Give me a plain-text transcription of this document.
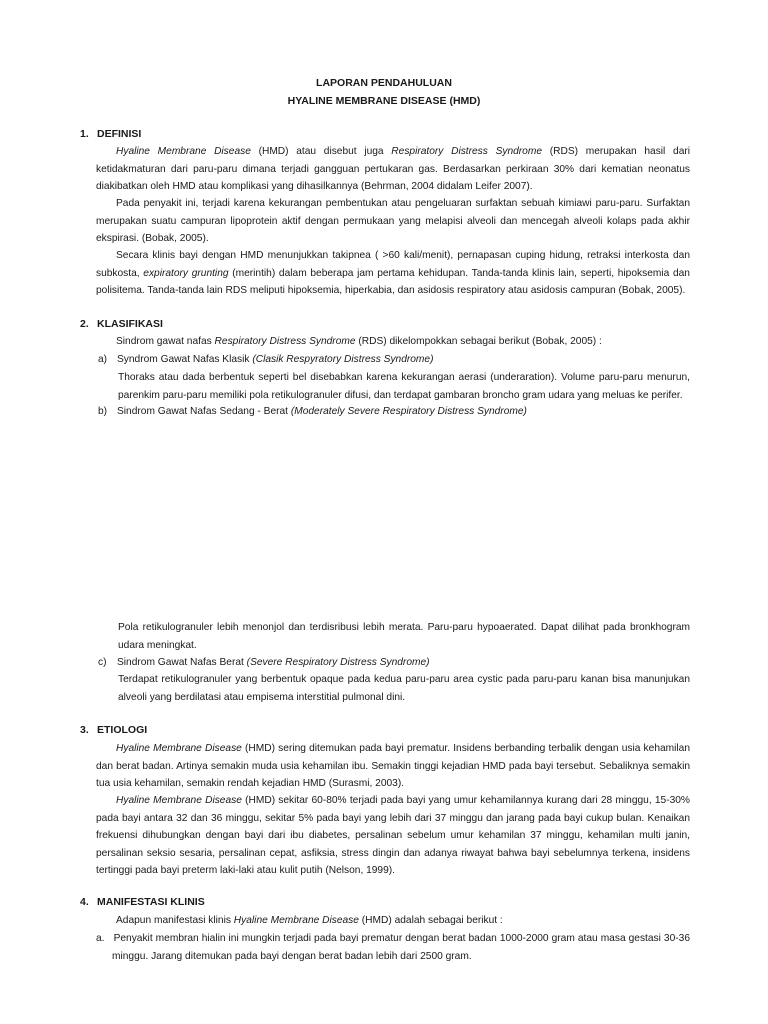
LAPORAN PENDAHULUAN
HYALINE MEMBRANE DISEASE (HMD)
1. DEFINISI
Hyaline Membrane Disease (HMD) atau disebut juga Respiratory Distress Syndrome (RDS) merupakan hasil dari ketidakmaturan dari paru-paru dimana terjadi gangguan pertukaran gas. Berdasarkan perkiraan 30% dari kematian neonatus diakibatkan oleh HMD atau komplikasi yang dihasilkannya (Behrman, 2004 didalam Leifer 2007).
Pada penyakit ini, terjadi karena kekurangan pembentukan atau pengeluaran surfaktan sebuah kimiawi paru-paru. Surfaktan merupakan suatu campuran lipoprotein aktif dengan permukaan yang melapisi alveoli dan mencegah alveoli kolaps pada akhir ekspirasi. (Bobak, 2005).
Secara klinis bayi dengan HMD menunjukkan takipnea ( >60 kali/menit), pernapasan cuping hidung, retraksi interkosta dan subkosta, expiratory grunting (merintih) dalam beberapa jam pertama kehidupan. Tanda-tanda klinis lain, seperti, hipoksemia dan polisitema. Tanda-tanda lain RDS meliputi hipoksemia, hiperkabia, dan asidosis respiratory atau asidosis campuran (Bobak, 2005).
2. KLASIFIKASI
Sindrom gawat nafas Respiratory Distress Syndrome (RDS) dikelompokkan sebagai berikut (Bobak, 2005) :
a) Syndrom Gawat Nafas Klasik (Clasik Respyratory Distress Syndrome)
Thoraks atau dada berbentuk seperti bel disebabkan karena kekurangan aerasi (underaration). Volume paru-paru menurun, parenkim paru-paru memiliki pola retikulogranuler difusi, dan terdapat gambaran broncho gram udara yang meluas ke perifer.
b) Sindrom Gawat Nafas Sedang - Berat (Moderately Severe Respiratory Distress Syndrome)
Pola retikulogranuler lebih menonjol dan terdisribusi lebih merata. Paru-paru hypoaerated. Dapat dilihat pada bronkhogram udara meningkat.
c) Sindrom Gawat Nafas Berat (Severe Respiratory Distress Syndrome)
Terdapat retikulogranuler yang berbentuk opaque pada kedua paru-paru area cystic pada paru-paru kanan bisa manunjukan alveoli yang berdilatasi atau empisema interstitial pulmonal dini.
3. ETIOLOGI
Hyaline Membrane Disease (HMD) sering ditemukan pada bayi prematur. Insidens berbanding terbalik dengan usia kehamilan dan berat badan. Artinya semakin muda usia kehamilan ibu. Semakin tinggi kejadian HMD pada bayi tersebut. Sebaliknya semakin tua usia kehamilan, semakin rendah kejadian HMD (Surasmi, 2003).
Hyaline Membrane Disease (HMD) sekitar 60-80% terjadi pada bayi yang umur kehamilannya kurang dari 28 minggu, 15-30% pada bayi antara 32 dan 36 minggu, sekitar 5% pada bayi yang lebih dari 37 minggu dan jarang pada bayi cukup bulan. Kenaikan frekuensi dihubungkan dengan bayi dari ibu diabetes, persalinan sebelum umur kehamilan 37 minggu, kehamilan multi janin, persalinan seksio sesaria, persalinan cepat, asfiksia, stress dingin dan adanya riwayat bahwa bayi sebelumnya terkena, insidens tertinggi pada bayi preterm laki-laki atau kulit putih (Nelson, 1999).
4. MANIFESTASI KLINIS
Adapun manifestasi klinis Hyaline Membrane Disease (HMD) adalah sebagai berikut :
a. Penyakit membran hialin ini mungkin terjadi pada bayi prematur dengan berat badan 1000-2000 gram atau masa gestasi 30-36 minggu. Jarang ditemukan pada bayi dengan berat badan lebih dari 2500 gram.
